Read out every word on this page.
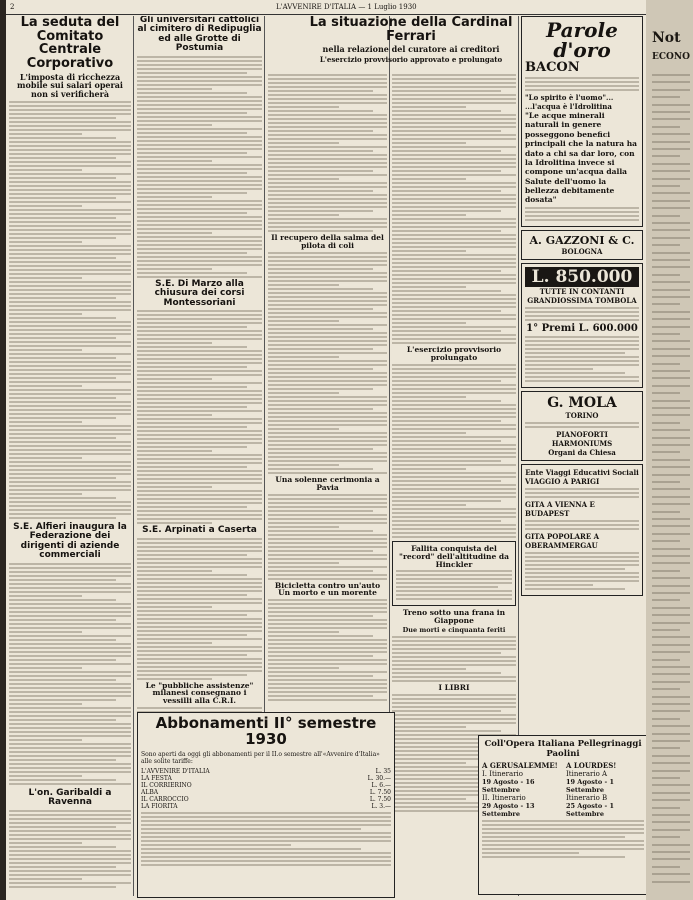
2	L'AVVENIRE D'ITALIA — 1 Luglio 1930
La seduta del Comitato Centrale Corporativo
L'imposta di ricchezza mobile sui salari operai non si verificherà
S.E. Alfieri inaugura la Federazione dei dirigenti di aziende commerciali
L'on. Garibaldi a Ravenna
Gli universitari cattolici al cimitero di Redipuglia ed alle Grotte di Postumia
S.E. Di Marzo alla chiusura dei corsi Montessoriani
S.E. Arpinati a Caserta
Le "pubbliche assistenze" milanesi consegnano i vessilli alla C.R.I.
La situazione della Cardinal Ferrari
nella relazione del curatore ai creditori
L'esercizio provvisorio approvato e prolungato
Il recupero della salma del pilota di coli
Una solenne cerimonia a Pavia
Bicicletta contro un'auto Un morto e un morente
L'esercizio provvisorio prolungato
Fallita conquista del "record" dell'altitudine da Hinckler
Treno sotto una frana in Giappone
Due morti e cinquanta feriti
I LIBRI
Abbonamenti II° semestre 1930
Sono aperti da oggi gli abbonamenti per il II.o semestre all'«Avvenire d'Italia» alle solite tariffe:
L'AVVENIRE D'ITALIA	L. 35
LA FESTA	L. 30.—
IL CORRIERINO	L. 6.—
ALBA	L. 7.50
IL CARROCCIO	L. 7.50
LA FIORITA	L. 3.—
Parole d'oro
BACON
"Lo spirito è l'uomo"...
...l'acqua è l'Idrolitina
"Le acque minerali naturali in genere posseggono benefici principali che la natura ha dato a chi sa dar loro, con la Idrolitina invece si compone un'acqua dalla Salute dell'uomo la bellezza debitamente dosata"
A. GAZZONI & C.
BOLOGNA
L. 850.000
TUTTE IN CONTANTI
GRANDIOSSIMA TOMBOLA
1° Premi L. 600.000
G. MOLA
TORINO
PIANOFORTI
HARMONIUMS
Organi da Chiesa
Ente Viaggi Educativi Sociali
VIAGGIO A PARIGI
GITA A VIENNA E BUDAPEST
GITA POPOLARE A OBERAMMERGAU
Coll'Opera Italiana Pellegrinaggi Paolini
A GERUSALEMME!
I. Itinerario
19 Agosto - 16 Settembre
II. Itinerario
29 Agosto - 13 Settembre
A LOURDES!
Itinerario A
19 Agosto - 1 Settembre
Itinerario B
25 Agosto - 1 Settembre
Not
ECONO
